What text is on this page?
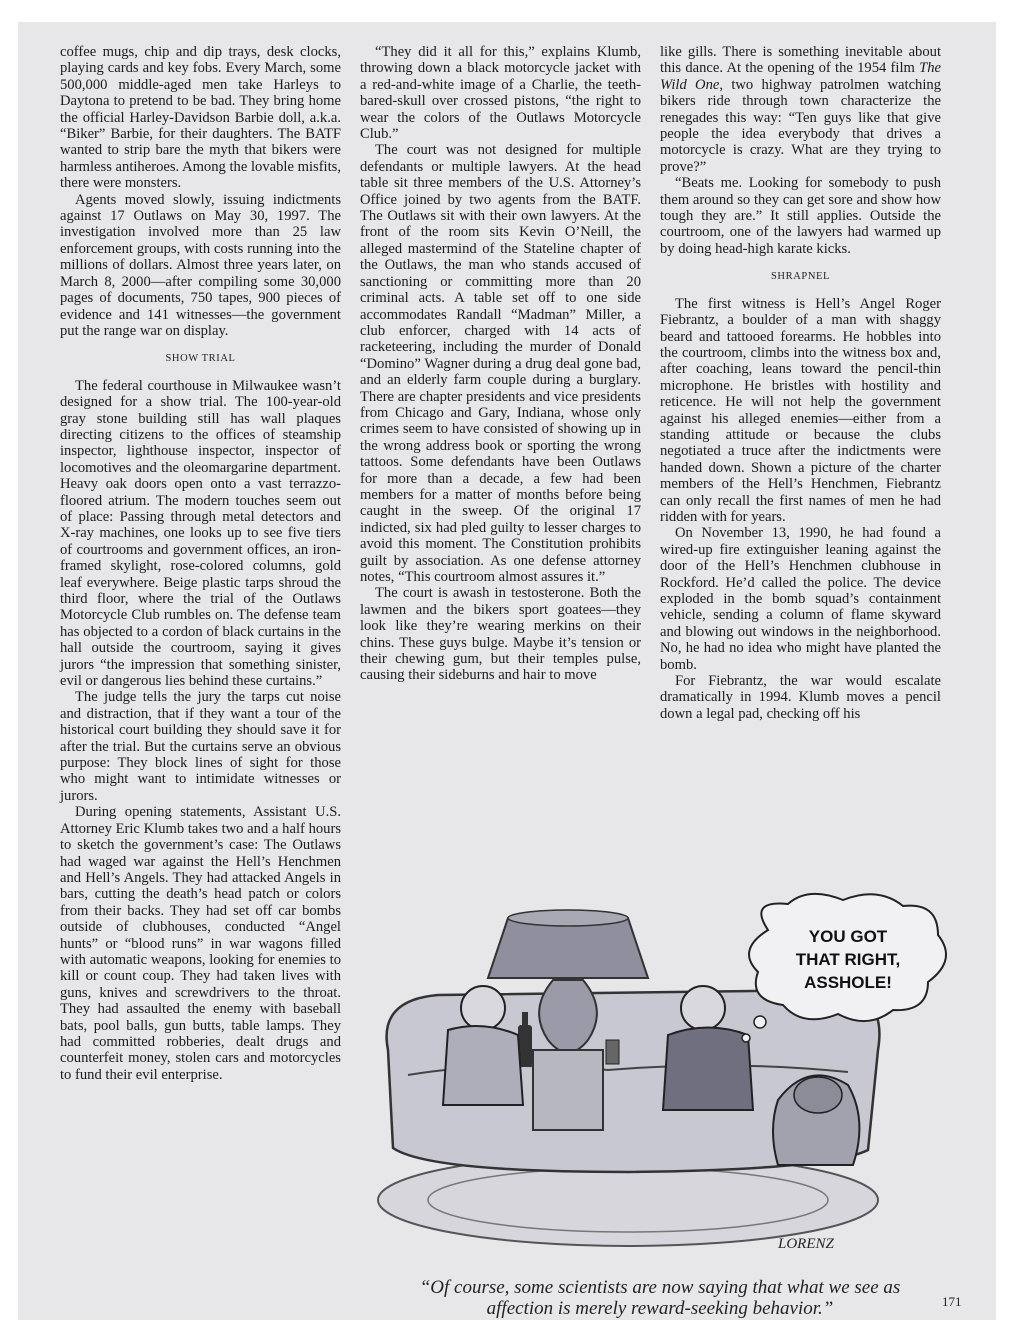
coffee mugs, chip and dip trays, desk clocks, playing cards and key fobs. Every March, some 500,000 middle-aged men take Harleys to Daytona to pretend to be bad. They bring home the official Harley-Davidson Barbie doll, a.k.a. “Biker” Barbie, for their daughters. The BATF wanted to strip bare the myth that bikers were harmless antiheroes. Among the lovable misfits, there were monsters.

Agents moved slowly, issuing indictments against 17 Outlaws on May 30, 1997. The investigation involved more than 25 law enforcement groups, with costs running into the millions of dollars. Almost three years later, on March 8, 2000—after compiling some 30,000 pages of documents, 750 tapes, 900 pieces of evidence and 141 witnesses—the government put the range war on display.

SHOW TRIAL

The federal courthouse in Milwaukee wasn’t designed for a show trial. The 100-year-old gray stone building still has wall plaques directing citizens to the offices of steamship inspector, lighthouse inspector, inspector of locomotives and the oleomargarine department. Heavy oak doors open onto a vast terrazzo-floored atrium. The modern touches seem out of place: Passing through metal detectors and X-ray machines, one looks up to see five tiers of courtrooms and government offices, an iron-framed skylight, rose-colored columns, gold leaf everywhere. Beige plastic tarps shroud the third floor, where the trial of the Outlaws Motorcycle Club rumbles on. The defense team has objected to a cordon of black curtains in the hall outside the courtroom, saying it gives jurors “the impression that something sinister, evil or dangerous lies behind these curtains.”

The judge tells the jury the tarps cut noise and distraction, that if they want a tour of the historical court building they should save it for after the trial. But the curtains serve an obvious purpose: They block lines of sight for those who might want to intimidate witnesses or jurors.

During opening statements, Assistant U.S. Attorney Eric Klumb takes two and a half hours to sketch the government’s case: The Outlaws had waged war against the Hell’s Henchmen and Hell’s Angels. They had attacked Angels in bars, cutting the death’s head patch or colors from their backs. They had set off car bombs outside of clubhouses, conducted “Angel hunts” or “blood runs” in war wagons filled with automatic weapons, looking for enemies to kill or count coup. They had taken lives with guns, knives and screwdrivers to the throat. They had assaulted the enemy with baseball bats, pool balls, gun butts, table lamps. They had committed robberies, dealt drugs and counterfeit money, stolen cars and motorcycles to fund their evil enterprise.

“They did it all for this,” explains Klumb, throwing down a black motorcycle jacket with a red-and-white image of a Charlie, the teeth-bared-skull over crossed pistons, “the right to wear the colors of the Outlaws Motorcycle Club.”

The court was not designed for multiple defendants or multiple lawyers. At the head table sit three members of the U.S. Attorney’s Office joined by two agents from the BATF. The Outlaws sit with their own lawyers. At the front of the room sits Kevin O’Neill, the alleged mastermind of the Stateline chapter of the Outlaws, the man who stands accused of sanctioning or committing more than 20 criminal acts. A table set off to one side accommodates Randall “Madman” Miller, a club enforcer, charged with 14 acts of racketeering, including the murder of Donald “Domino” Wagner during a drug deal gone bad, and an elderly farm couple during a burglary. There are chapter presidents and vice presidents from Chicago and Gary, Indiana, whose only crimes seem to have consisted of showing up in the wrong address book or sporting the wrong tattoos. Some defendants have been Outlaws for more than a decade, a few had been members for a matter of months before being caught in the sweep. Of the original 17 indicted, six had pled guilty to lesser charges to avoid this moment. The Constitution prohibits guilt by association. As one defense attorney notes, “This courtroom almost assures it.”

The court is awash in testosterone. Both the lawmen and the bikers sport goatees—they look like they’re wearing merkins on their chins. These guys bulge. Maybe it’s tension or their chewing gum, but their temples pulse, causing their sideburns and hair to move

like gills. There is something inevitable about this dance. At the opening of the 1954 film The Wild One, two highway patrolmen watching bikers ride through town characterize the renegades this way: “Ten guys like that give people the idea everybody that drives a motorcycle is crazy. What are they trying to prove?”

“Beats me. Looking for somebody to push them around so they can get sore and show how tough they are.” It still applies. Outside the courtroom, one of the lawyers had warmed up by doing head-high karate kicks.

SHRAPNEL

The first witness is Hell’s Angel Roger Fiebrantz, a boulder of a man with shaggy beard and tattooed forearms. He hobbles into the courtroom, climbs into the witness box and, after coaching, leans toward the pencil-thin microphone. He bristles with hostility and reticence. He will not help the government against his alleged enemies—either from a standing attitude or because the clubs negotiated a truce after the indictments were handed down. Shown a picture of the charter members of the Hell’s Henchmen, Fiebrantz can only recall the first names of men he had ridden with for years.

On November 13, 1990, he had found a wired-up fire extinguisher leaning against the door of the Hell’s Henchmen clubhouse in Rockford. He’d called the police. The device exploded in the bomb squad’s containment vehicle, sending a column of flame skyward and blowing out windows in the neighborhood. No, he had no idea who might have planted the bomb.

For Fiebrantz, the war would escalate dramatically in 1994. Klumb moves a pencil down a legal pad, checking off his

YOU GOT
THAT RIGHT,
ASSHOLE!
LORENZ
“Of course, some scientists are now saying that what we see as
affection is merely reward-seeking behavior.”	171
